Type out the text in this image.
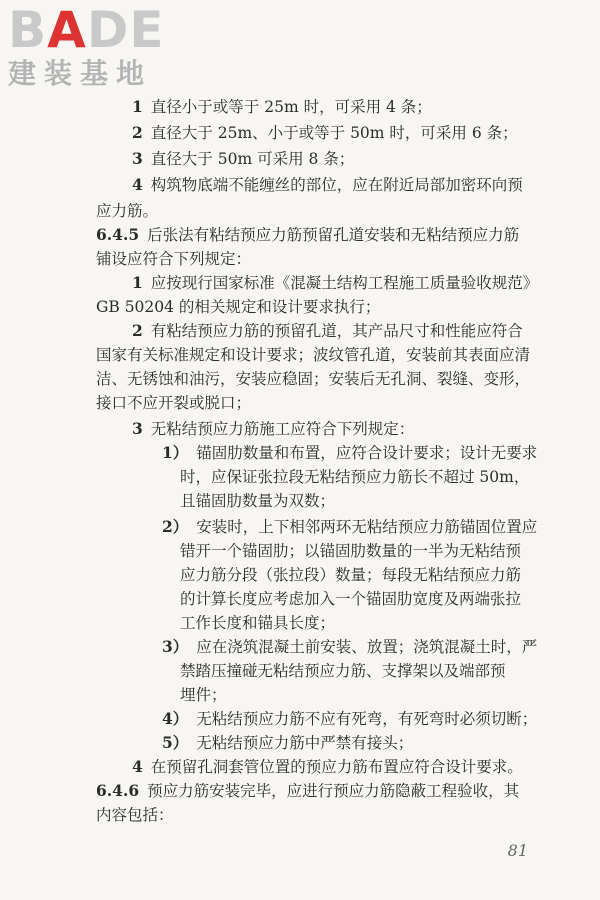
BADE
建装基地
1 直径小于或等于 25m 时，可采用 4 条；
2 直径大于 25m、小于或等于 50m 时，可采用 6 条；
3 直径大于 50m 可采用 8 条；
4 构筑物底端不能缠丝的部位，应在附近局部加密环向预
应力筋。
6.4.5 后张法有粘结预应力筋预留孔道安装和无粘结预应力筋
铺设应符合下列规定：
1 应按现行国家标准《混凝土结构工程施工质量验收规范》
GB 50204 的相关规定和设计要求执行；
2 有粘结预应力筋的预留孔道，其产品尺寸和性能应符合
国家有关标准规定和设计要求；波纹管孔道，安装前其表面应清
洁、无锈蚀和油污，安装应稳固；安装后无孔洞、裂缝、变形，
接口不应开裂或脱口；
3 无粘结预应力筋施工应符合下列规定：
1） 锚固肋数量和布置，应符合设计要求；设计无要求
时，应保证张拉段无粘结预应力筋长不超过 50m，
且锚固肋数量为双数；
2） 安装时，上下相邻两环无粘结预应力筋锚固位置应
错开一个锚固肋；以锚固肋数量的一半为无粘结预
应力筋分段（张拉段）数量；每段无粘结预应力筋
的计算长度应考虑加入一个锚固肋宽度及两端张拉
工作长度和锚具长度；
3） 应在浇筑混凝土前安装、放置；浇筑混凝土时，严
禁踏压撞碰无粘结预应力筋、支撑架以及端部预
埋件；
4） 无粘结预应力筋不应有死弯，有死弯时必须切断；
5） 无粘结预应力筋中严禁有接头；
4 在预留孔洞套管位置的预应力筋布置应符合设计要求。
6.4.6 预应力筋安装完毕，应进行预应力筋隐蔽工程验收，其
内容包括：
81
